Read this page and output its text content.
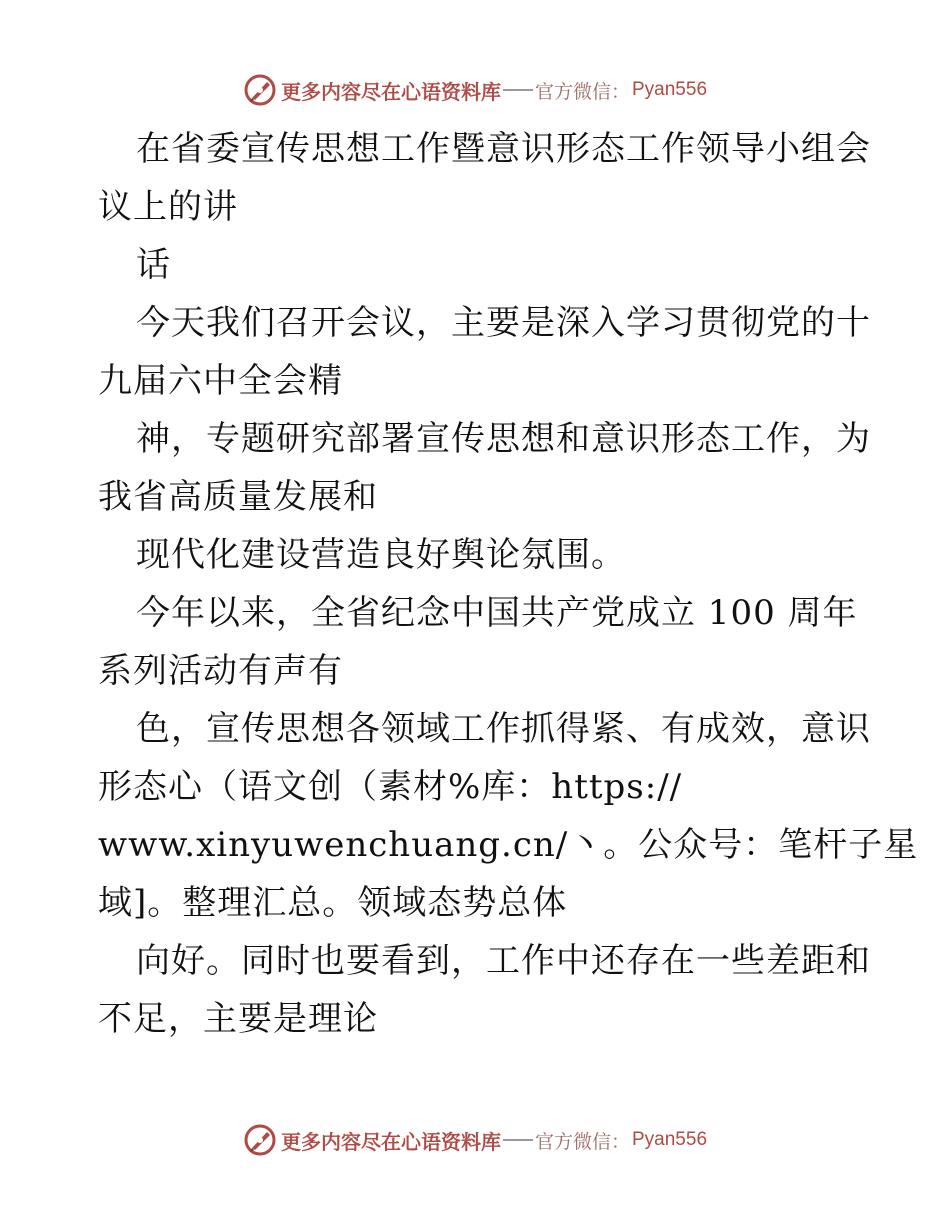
更多内容尽在心语资料库 官方微信： Pyan556
在省委宣传思想工作暨意识形态工作领导小组会
议上的讲
话
今天我们召开会议，主要是深入学习贯彻党的十
九届六中全会精
神，专题研究部署宣传思想和意识形态工作，为
我省高质量发展和
现代化建设营造良好舆论氛围。
今年以来，全省纪念中国共产党成立 100 周年
系列活动有声有
色，宣传思想各领域工作抓得紧、有成效，意识
形态心（语文创（素材%库：https://
www.xinyuwenchuang.cn/丶。公众号：笔杆子星
域]。整理汇总。领域态势总体
向好。同时也要看到，工作中还存在一些差距和
不足，主要是理论
更多内容尽在心语资料库 官方微信： Pyan556
